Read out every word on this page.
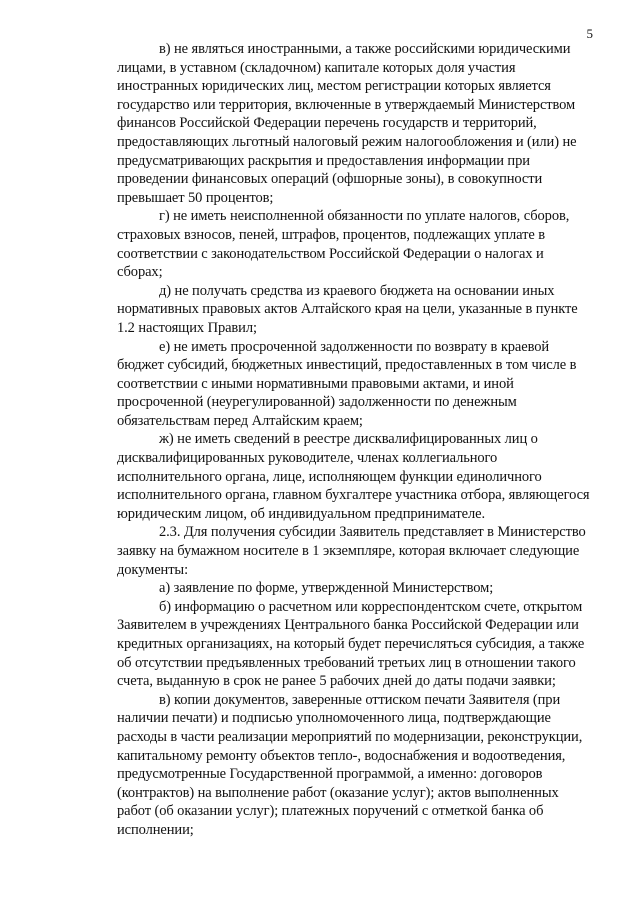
5

в) не являться иностранными, а также российскими юридическими
лицами, в уставном (складочном) капитале которых доля участия
иностранных юридических лиц, местом регистрации которых является
государство или территория, включенные в утверждаемый Министерством
финансов Российской Федерации перечень государств и территорий,
предоставляющих льготный налоговый режим налогообложения и (или) не
предусматривающих раскрытия и предоставления информации при
проведении финансовых операций (офшорные зоны), в совокупности
превышает 50 процентов;

г) не иметь неисполненной обязанности по уплате налогов, сборов,
страховых взносов, пеней, штрафов, процентов, подлежащих уплате в
соответствии с законодательством Российской Федерации о налогах и
сборах;

д) не получать средства из краевого бюджета на основании иных
нормативных правовых актов Алтайского края на цели, указанные в пункте
1.2 настоящих Правил;

е) не иметь просроченной задолженности по возврату в краевой
бюджет субсидий, бюджетных инвестиций, предоставленных в том числе в
соответствии с иными нормативными правовыми актами, и иной
просроченной (неурегулированной) задолженности по денежным
обязательствам перед Алтайским краем;

ж) не иметь сведений в реестре дисквалифицированных лиц о
дисквалифицированных руководителе, членах коллегиального
исполнительного органа, лице, исполняющем функции единоличного
исполнительного органа, главном бухгалтере участника отбора, являющегося
юридическим лицом, об индивидуальном предпринимателе.

2.3. Для получения субсидии Заявитель представляет в Министерство
заявку на бумажном носителе в 1 экземпляре, которая включает следующие
документы:

а) заявление по форме, утвержденной Министерством;

б) информацию о расчетном или корреспондентском счете, открытом
Заявителем в учреждениях Центрального банка Российской Федерации или
кредитных организациях, на который будет перечисляться субсидия, а также
об отсутствии предъявленных требований третьих лиц в отношении такого
счета, выданную в срок не ранее 5 рабочих дней до даты подачи заявки;

в) копии документов, заверенные оттиском печати Заявителя (при
наличии печати) и подписью уполномоченного лица, подтверждающие
расходы в части реализации мероприятий по модернизации, реконструкции,
капитальному ремонту объектов тепло-, водоснабжения и водоотведения,
предусмотренные Государственной программой, а именно: договоров
(контрактов) на выполнение работ (оказание услуг); актов выполненных
работ (об оказании услуг); платежных поручений с отметкой банка об
исполнении;
